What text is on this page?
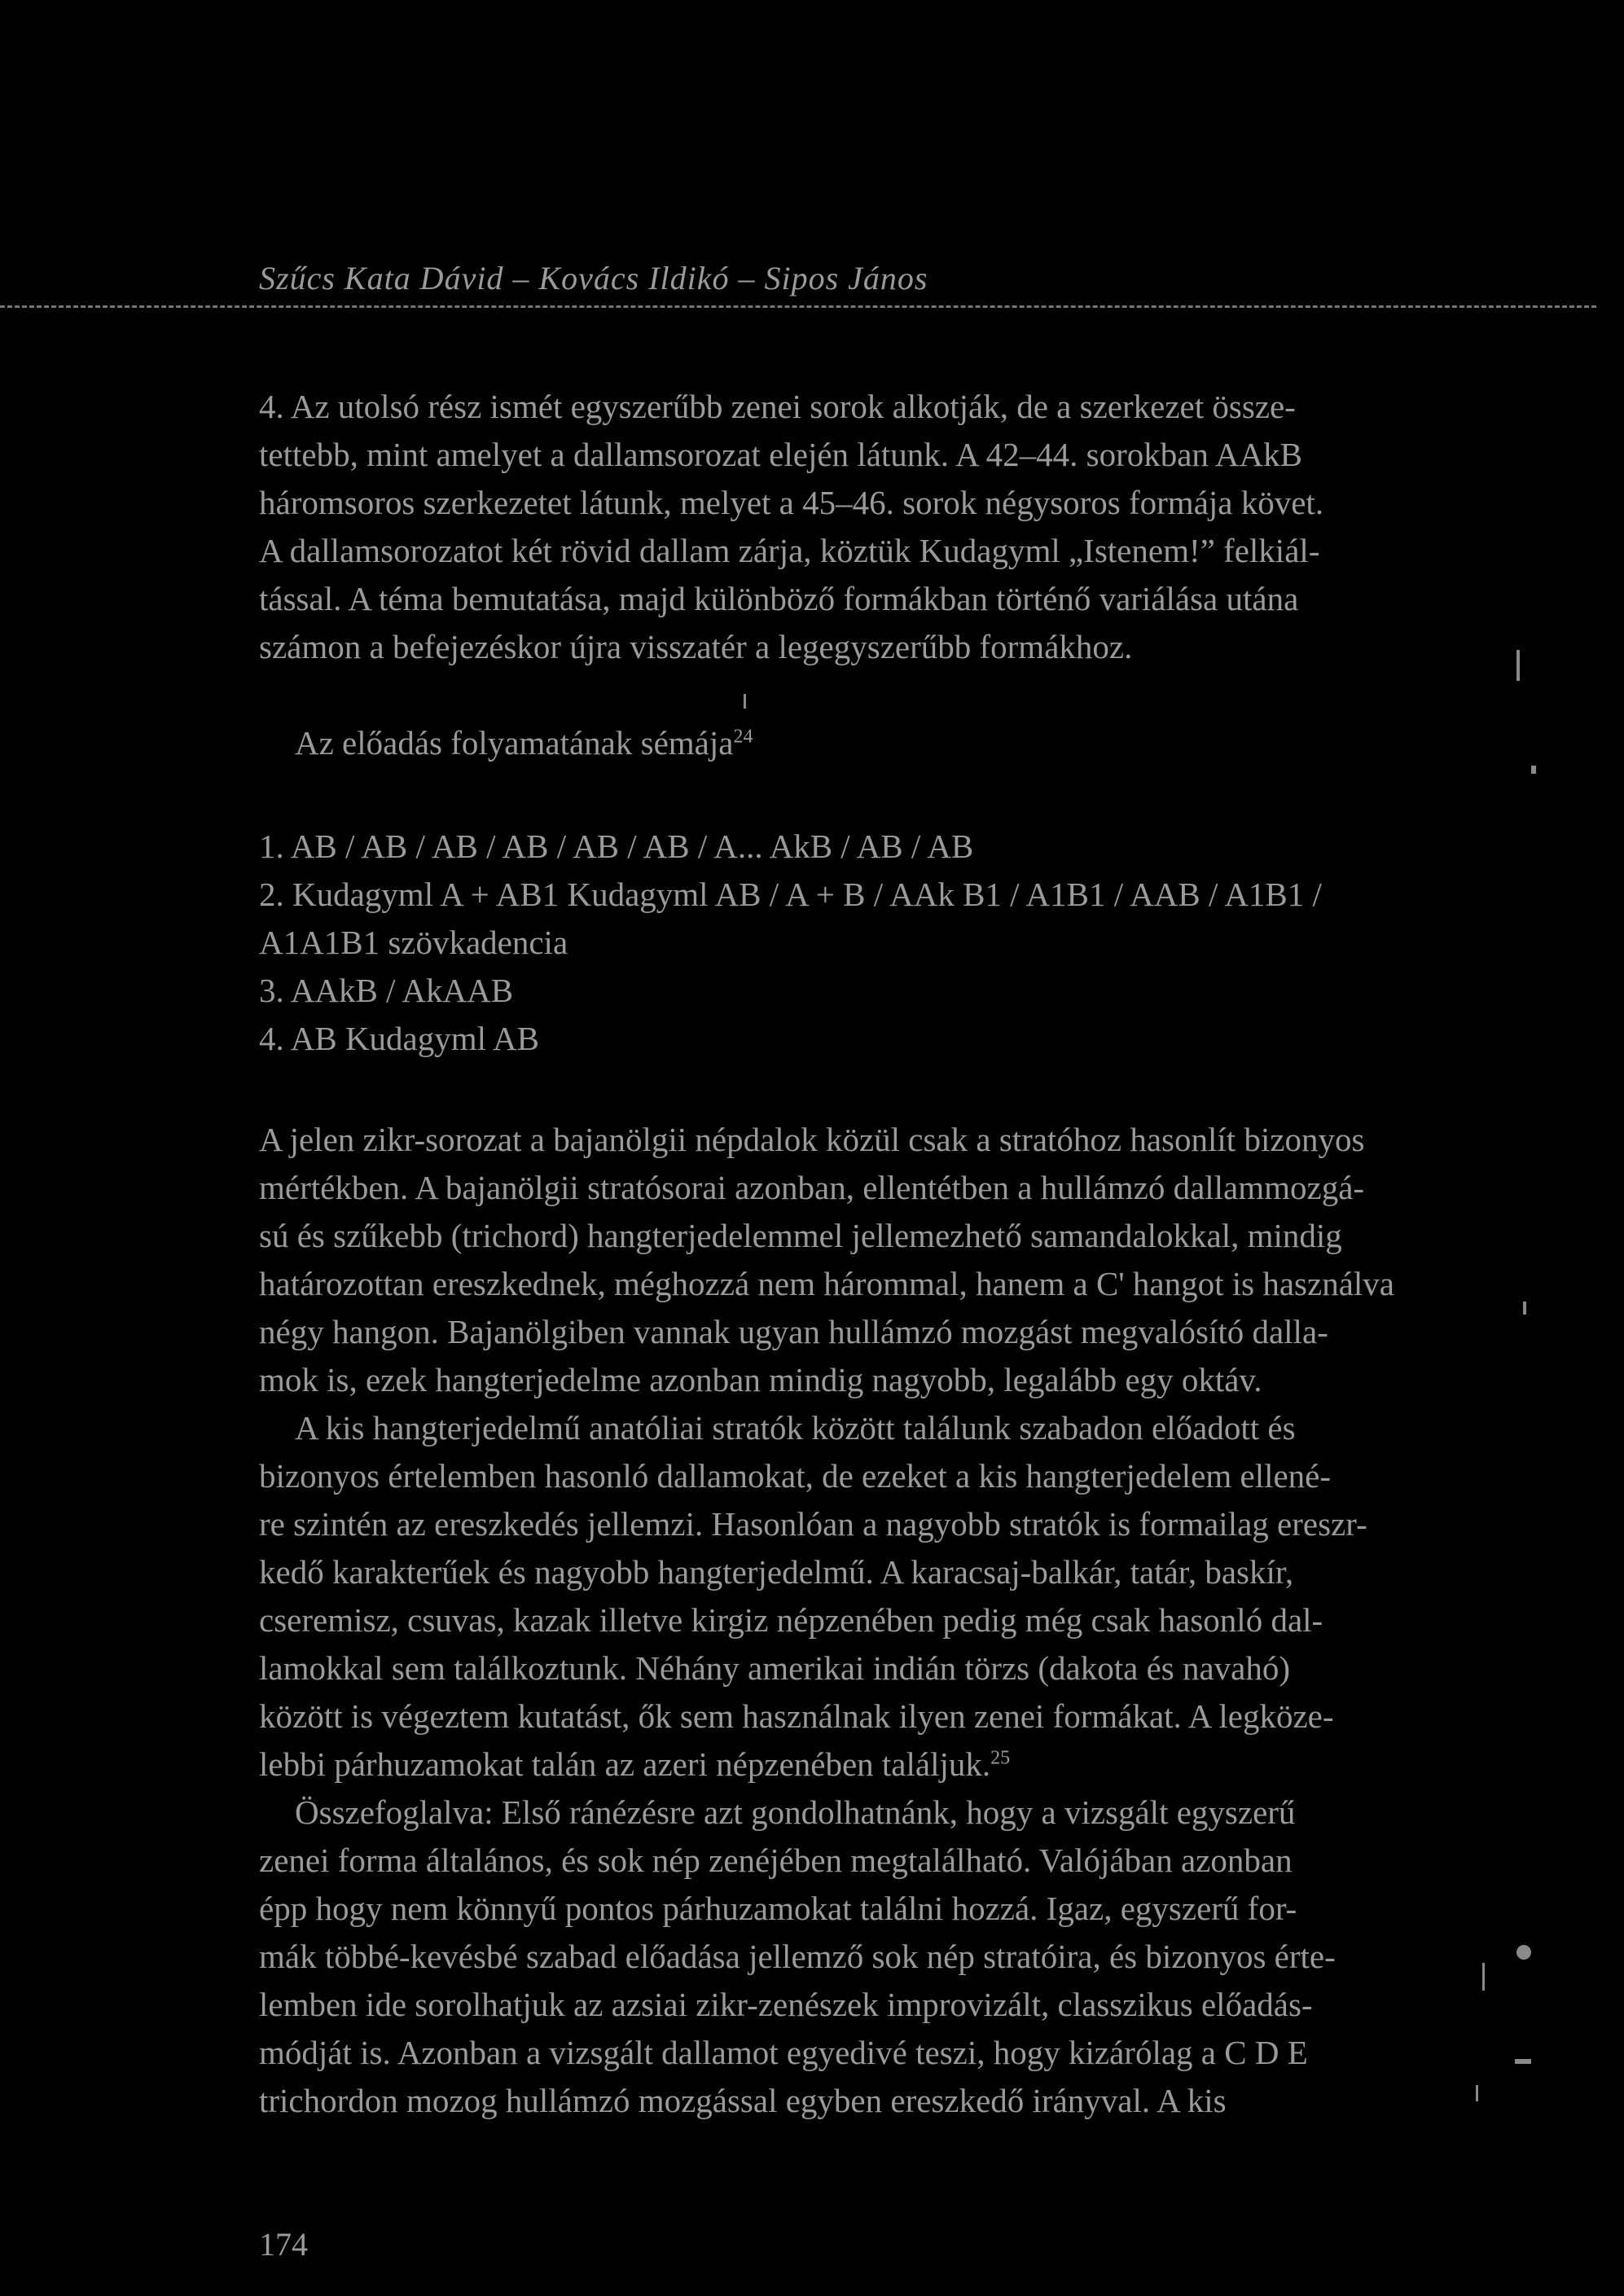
Szűcs Kata Dávid – Kovács Ildikó – Sipos János
4. Az utolsó rész ismét egyszerűbb zenei sorok alkotják, de a szerkezet össze-
tettebb, mint amelyet a dallamsorozat elején látunk. A 42–44. sorokban AAkB
háromsoros szerkezetet látunk, melyet a 45–46. sorok négysoros formája követ.
A dallamsorozatot két rövid dallam zárja, köztük Kudagyml „Istenem!” felkiál-
tással. A téma bemutatása, majd különböző formákban történő variálása utána
számon a befejezéskor újra visszatér a legegyszerűbb formákhoz.
Az előadás folyamatának sémája$^{24}$
1. AB / AB / AB / AB / AB / AB / A... AkB / AB / AB
2. Kudagyml A + AB1 Kudagyml AB / A + B / AAk B1 / A1B1 / AAB / A1B1 /
A1A1B1 szövkadencia
3. AAkB / AkAAB
4. AB Kudagyml AB
A jelen zikr-sorozat a bajanölgii népdalok közül csak a stratóhoz hasonlít bizonyos
mértékben. A bajanölgii stratósorai azonban, ellentétben a hullámzó dallammozgá-
sú és szűkebb (trichord) hangterjedelemmel jellemezhető samandalokkal, mindig
határozottan ereszkednek, méghozzá nem hárommal, hanem a C' hangot is használva
négy hangon. Bajanölgiben vannak ugyan hullámzó mozgást megvalósító dalla-
mok is, ezek hangterjedelme azonban mindig nagyobb, legalább egy oktáv.
A kis hangterjedelmű anatóliai stratók között találunk szabadon előadott és
bizonyos értelemben hasonló dallamokat, de ezeket a kis hangterjedelem ellené-
re szintén az ereszkedés jellemzi. Hasonlóan a nagyobb stratók is formailag ereszr-
kedő karakterűek és nagyobb hangterjedelmű. A karacsaj-balkár, tatár, baskír,
cseremisz, csuvas, kazak illetve kirgiz népzenében pedig még csak hasonló dal-
lamokkal sem találkoztunk. Néhány amerikai indián törzs (dakota és navahó)
között is végeztem kutatást, ők sem használnak ilyen zenei formákat. A legköze-
lebbi párhuzamokat talán az azeri népzenében találjuk.$^{25}$
Összefoglalva: Első ránézésre azt gondolhatnánk, hogy a vizsgált egyszerű
zenei forma általános, és sok nép zenéjében megtalálható. Valójában azonban
épp hogy nem könnyű pontos párhuzamokat találni hozzá. Igaz, egyszerű for-
mák többé-kevésbé szabad előadása jellemző sok nép stratóira, és bizonyos érte-
lemben ide sorolhatjuk az azsiai zikr-zenészek improvizált, classzikus előadás-
módját is. Azonban a vizsgált dallamot egyedivé teszi, hogy kizárólag a C D E
trichordon mozog hullámzó mozgással egyben ereszkedő irányval. A kis
174
